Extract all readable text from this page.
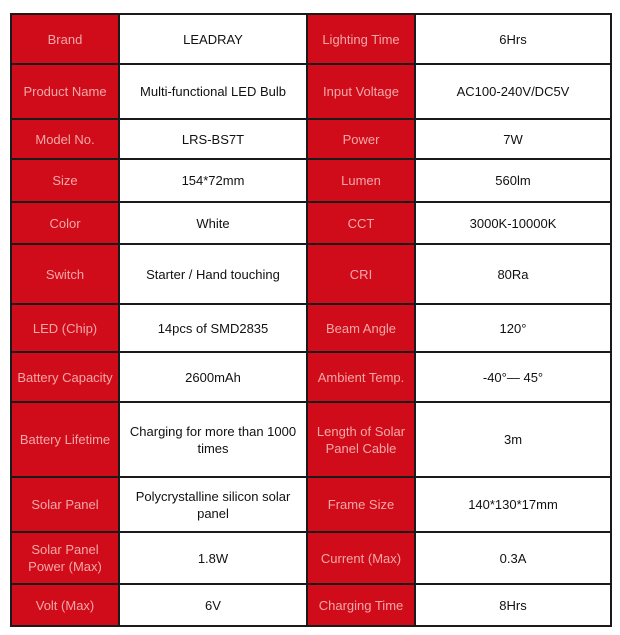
Brand	LEADRAY	Lighting Time	6Hrs
Product Name	Multi-functional LED Bulb	Input Voltage	AC100-240V/DC5V
Model No.	LRS-BS7T	Power	7W
Size	154*72mm	Lumen	560lm
Color	White	CCT	3000K-10000K
Switch	Starter / Hand touching	CRI	80Ra
LED (Chip)	14pcs of SMD2835	Beam Angle	120°
Battery Capacity	2600mAh	Ambient Temp.	-40°— 45°
Battery Lifetime	Charging for more than 1000 times	Length of Solar Panel Cable	3m
Solar Panel	Polycrystalline silicon solar panel	Frame Size	140*130*17mm
Solar Panel Power (Max)	1.8W	Current (Max)	0.3A
Volt (Max)	6V	Charging Time	8Hrs
